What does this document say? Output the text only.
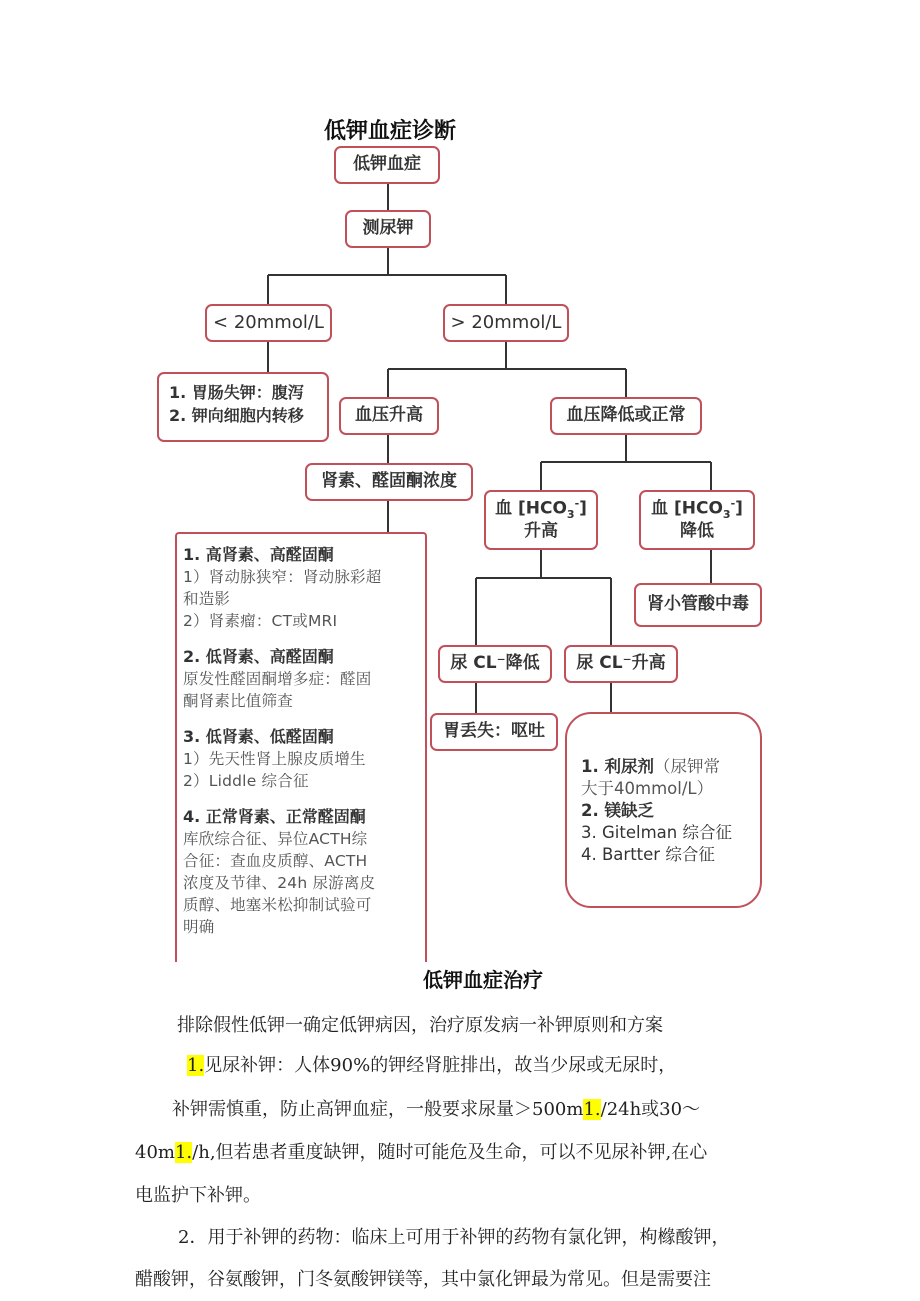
低钾血症诊断
低钾血症
测尿钾
< 20mmol/L	> 20mmol/L
1. 胃肠失钾：腹泻
2. 钾向细胞内转移	血压升高	血压降低或正常
肾素、醛固酮浓度
血 $[HCO_3^-]$
升高
血 $[HCO_3^-]$
降低
肾小管酸中毒
尿 CL⁻降低	尿 CL⁻升高
胃丢失：呕吐
1. 高肾素、高醛固酮
1）肾动脉狭窄：肾动脉彩超
和造影
2）肾素瘤：CT或MRI
2. 低肾素、高醛固酮
原发性醛固酮增多症：醛固
酮肾素比值筛查
3. 低肾素、低醛固酮
1）先天性肾上腺皮质增生
2）Liddle 综合征
4. 正常肾素、正常醛固酮
库欣综合征、异位ACTH综
合征：查血皮质醇、ACTH
浓度及节律、24h 尿游离皮
质醇、地塞米松抑制试验可
明确
1. 利尿剂（尿钾常
大于40mmol/L）
2. 镁缺乏
3. Gitelman 综合征
4. Bartter 综合征
低钾血症治疗
排除假性低钾一确定低钾病因，治疗原发病一补钾原则和方案
1.见尿补钾：人体90%的钾经肾脏排出，故当少尿或无尿时，
补钾需慎重，防止高钾血症，一般要求尿量＞500m1./24h或30～
40m1./h,但若患者重度缺钾，随时可能危及生命，可以不见尿补钾,在心
电监护下补钾。
2．用于补钾的药物：临床上可用于补钾的药物有氯化钾，枸橼酸钾，
醋酸钾，谷氨酸钾，门冬氨酸钾镁等，其中氯化钾最为常见。但是需要注
